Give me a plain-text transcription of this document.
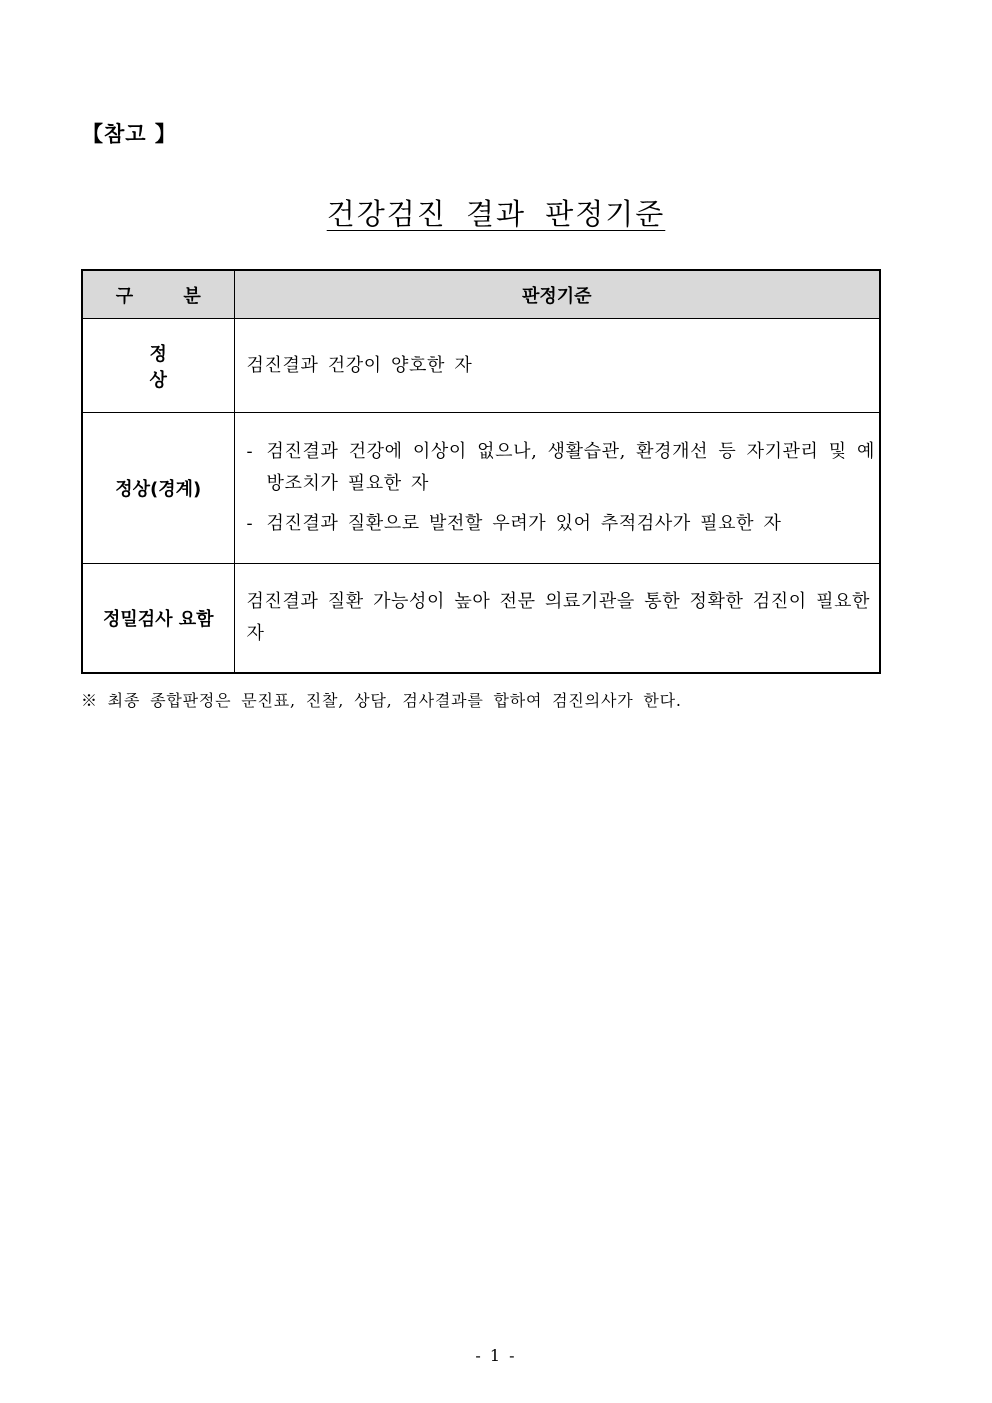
【참고 】
건강검진 결과 판정기준
구 분	판정기준
정 상	검진결과 건강이 양호한 자
정상(경계)	- 검진결과 건강에 이상이 없으나, 생활습관, 환경개선 등 자기관리 및 예방조치가 필요한 자
- 검진결과 질환으로 발전할 우려가 있어 추적검사가 필요한 자

정밀검사 요함	검진결과 질환 가능성이 높아 전문 의료기관을 통한 정확한 검진이 필요한 자
※ 최종 종합판정은 문진표, 진찰, 상담, 검사결과를 합하여 검진의사가 한다.
- 1 -
